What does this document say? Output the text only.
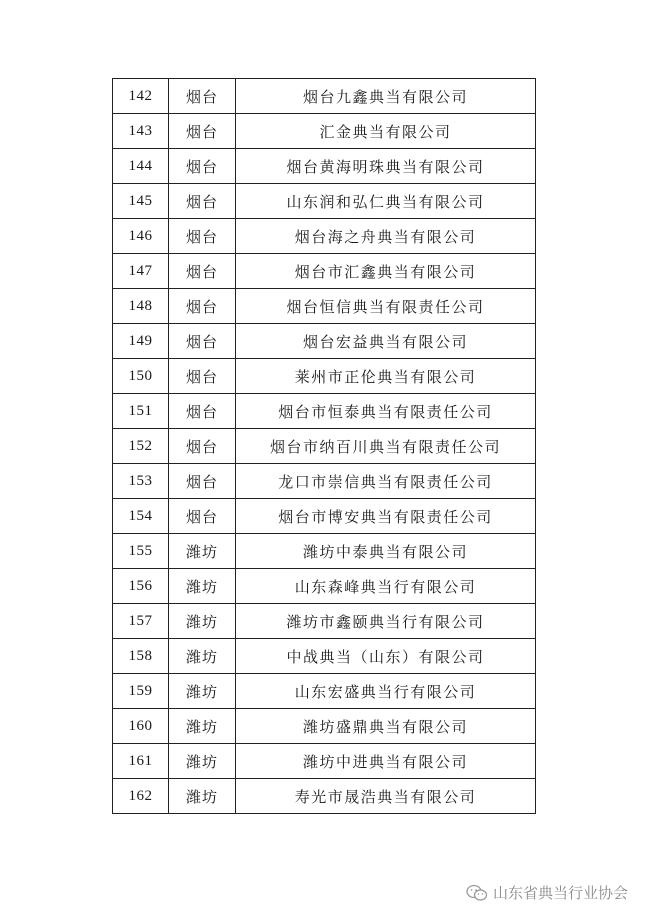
142	烟台	烟台九鑫典当有限公司
143	烟台	汇金典当有限公司
144	烟台	烟台黄海明珠典当有限公司
145	烟台	山东润和弘仁典当有限公司
146	烟台	烟台海之舟典当有限公司
147	烟台	烟台市汇鑫典当有限公司
148	烟台	烟台恒信典当有限责任公司
149	烟台	烟台宏益典当有限公司
150	烟台	莱州市正伦典当有限公司
151	烟台	烟台市恒泰典当有限责任公司
152	烟台	烟台市纳百川典当有限责任公司
153	烟台	龙口市崇信典当有限责任公司
154	烟台	烟台市博安典当有限责任公司
155	潍坊	潍坊中泰典当有限公司
156	潍坊	山东森峰典当行有限公司
157	潍坊	潍坊市鑫颐典当行有限公司
158	潍坊	中战典当（山东）有限公司
159	潍坊	山东宏盛典当行有限公司
160	潍坊	潍坊盛鼎典当有限公司
161	潍坊	潍坊中进典当有限公司
162	潍坊	寿光市晟浩典当有限公司
山东省典当行业协会
